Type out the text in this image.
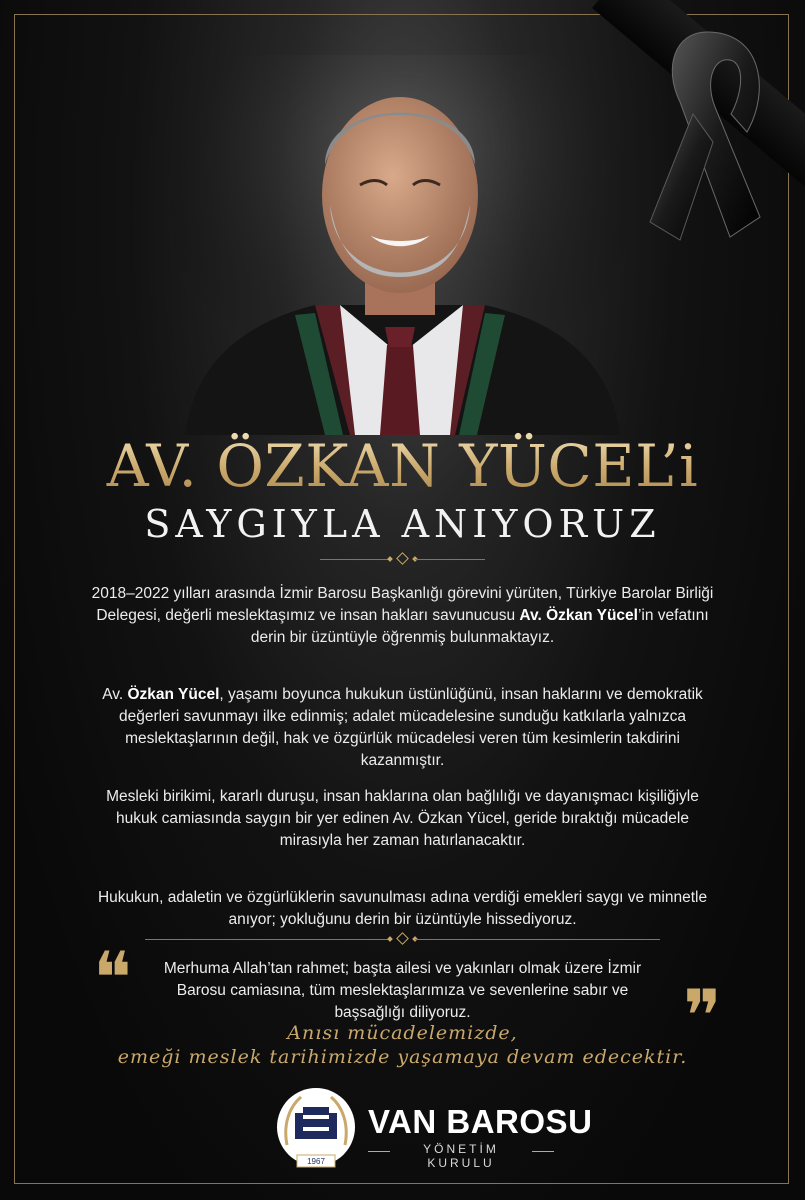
AV. ÖZKAN YÜCEL’i
SAYGIYLA ANIYORUZ
2018–2022 yılları arasında İzmir Barosu Başkanlığı görevini yürüten, Türkiye Barolar Birliği Delegesi, değerli meslektaşımız ve insan hakları savunucusu Av. Özkan Yücel’in vefatını derin bir üzüntüyle öğrenmiş bulunmaktayız.
Av. Özkan Yücel, yaşamı boyunca hukukun üstünlüğünü, insan haklarını ve demokratik değerleri savunmayı ilke edinmiş; adalet mücadelesine sunduğu katkılarla yalnızca meslektaşlarının değil, hak ve özgürlük mücadelesi veren tüm kesimlerin takdirini kazanmıştır.
Mesleki birikimi, kararlı duruşu, insan haklarına olan bağlılığı ve dayanışmacı kişiliğiyle hukuk camiasında saygın bir yer edinen Av. Özkan Yücel, geride bıraktığı mücadele mirasıyla her zaman hatırlanacaktır.
Hukukun, adaletin ve özgürlüklerin savunulması adına verdiği emekleri saygı ve minnetle anıyor; yokluğunu derin bir üzüntüyle hissediyoruz.
❝	Merhuma Allah’tan rahmet; başta ailesi ve yakınları olmak üzere İzmir Barosu camiasına, tüm meslektaşlarımıza ve sevenlerine sabır ve başsağlığı diliyoruz.	❞
Anısı mücadelemizde,
emeği meslek tarihimizde yaşamaya devam edecektir.
1967
VAN BAROSU
YÖNETİM KURULU
